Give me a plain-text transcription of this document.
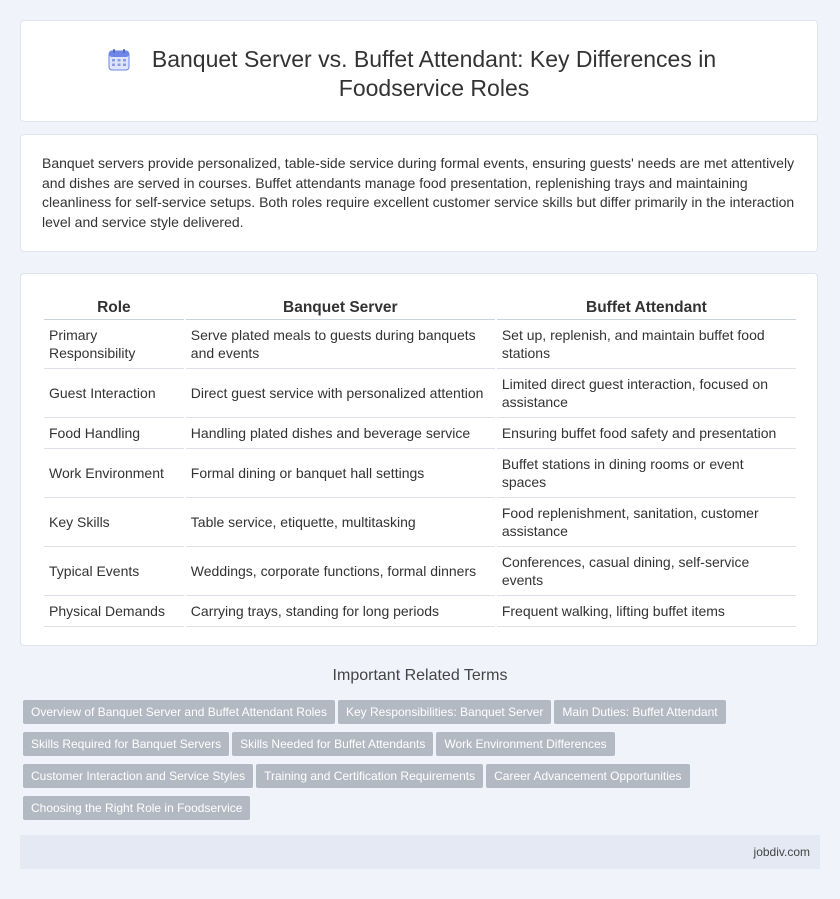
Banquet Server vs. Buffet Attendant: Key Differences in Foodservice Roles

Banquet servers provide personalized, table-side service during formal events, ensuring guests' needs are met attentively and dishes are served in courses. Buffet attendants manage food presentation, replenishing trays and maintaining cleanliness for self-service setups. Both roles require excellent customer service skills but differ primarily in the interaction level and service style delivered.

Role	Banquet Server	Buffet Attendant
Primary Responsibility	Serve plated meals to guests during banquets and events	Set up, replenish, and maintain buffet food stations
Guest Interaction	Direct guest service with personalized attention	Limited direct guest interaction, focused on assistance
Food Handling	Handling plated dishes and beverage service	Ensuring buffet food safety and presentation
Work Environment	Formal dining or banquet hall settings	Buffet stations in dining rooms or event spaces
Key Skills	Table service, etiquette, multitasking	Food replenishment, sanitation, customer assistance
Typical Events	Weddings, corporate functions, formal dinners	Conferences, casual dining, self-service events
Physical Demands	Carrying trays, standing for long periods	Frequent walking, lifting buffet items
Important Related Terms
Overview of Banquet Server and Buffet Attendant Roles Key Responsibilities: Banquet Server Main Duties: Buffet Attendant
Skills Required for Banquet Servers Skills Needed for Buffet Attendants Work Environment Differences
Customer Interaction and Service Styles Training and Certification Requirements Career Advancement Opportunities
Choosing the Right Role in Foodservice
jobdiv.com
